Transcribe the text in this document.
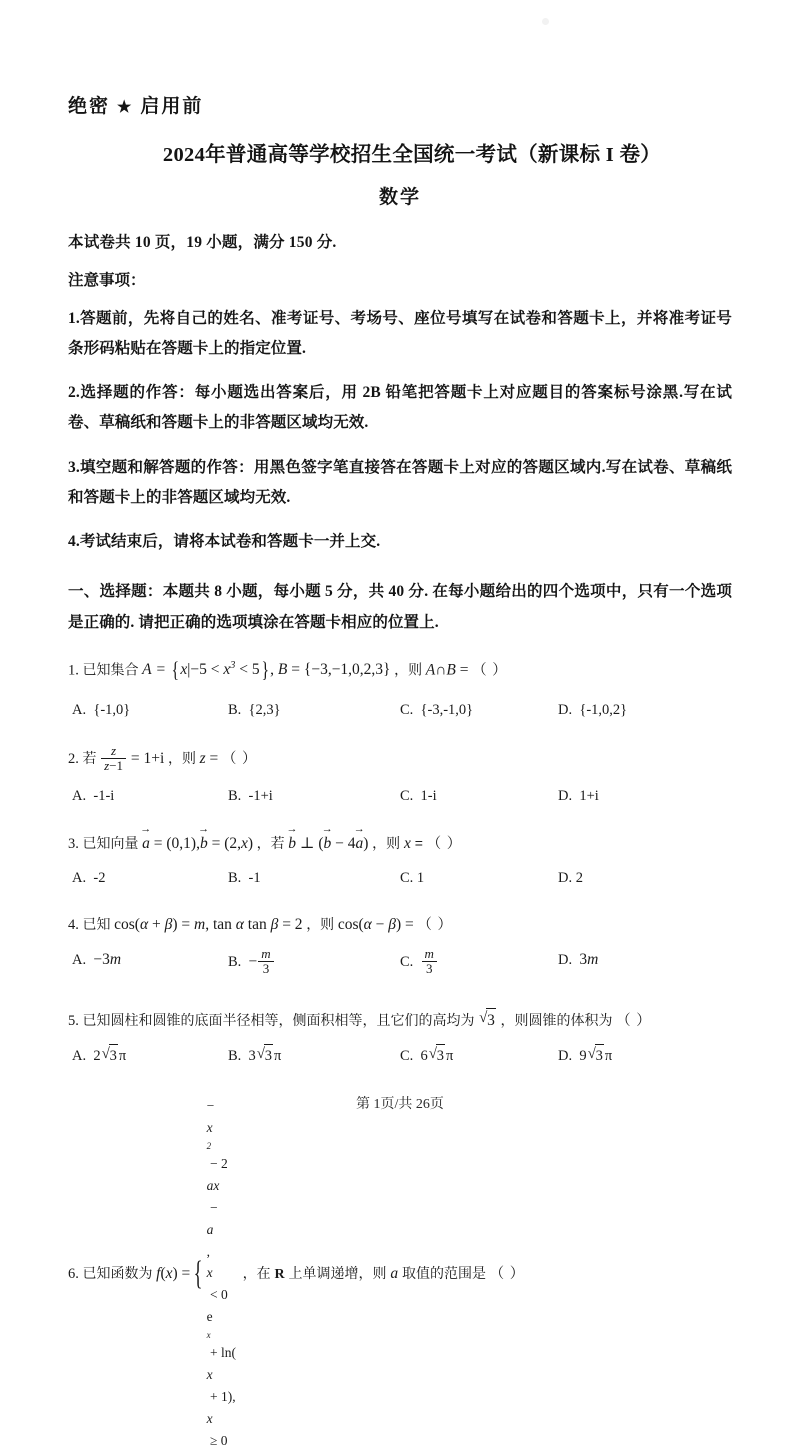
绝密 ★ 启用前
2024年普通高等学校招生全国统一考试（新课标 I 卷）
数学
本试卷共 10 页，19 小题，满分 150 分.
注意事项：
1.答题前，先将自己的姓名、准考证号、考场号、座位号填写在试卷和答题卡上，并将准考证号条形码粘贴在答题卡上的指定位置.
2.选择题的作答：每小题选出答案后，用 2B 铅笔把答题卡上对应题目的答案标号涂黑.写在试卷、草稿纸和答题卡上的非答题区域均无效.
3.填空题和解答题的作答：用黑色签字笔直接答在答题卡上对应的答题区域内.写在试卷、草稿纸和答题卡上的非答题区域均无效.
4.考试结束后，请将本试卷和答题卡一并上交.
一、选择题：本题共 8 小题，每小题 5 分，共 40 分. 在每小题给出的四个选项中，只有一个选项是正确的. 请把正确的选项填涂在答题卡相应的位置上.
1. 已知集合 $A = \{x|-5 < x^3 < 5\}$, B = {−3,−1,0,2,3} ，则 A∩B = （ ）
A. {-1,0}	B. {2,3}	C. {-3,-1,0}	D. {-1,0,2}
2. 若 $\frac{z}{z-1} = 1+i$ ，则 z = （ ）
A. -1-i	B. -1+i	C. 1-i	D. 1+i
3. 已知向量
→
a = (0,1),
→
b = (2,x) ，若
→
b ⊥ (
→
b − 4
→
a) ，则 x = （ ）
A. -2	B. -1	C. 1	D. 2
4. 已知 cos(α + β) = m, tan α tan β = 2 ，则 cos(α − β) = （ ）
A. −3m	B. − $\frac{m}{3}$	C. $\frac{m}{3}$	D. 3m
5. 已知圆柱和圆锥的底面半径相等，侧面积相等，且它们的高均为 √ 3 ，则圆锥的体积为 （ ）
A.  2 √ 3 π	B.  3 √ 3 π	C.  6 √ 3 π	D.  9 √ 3 π
6. 已知函数为 f(x) = {
−
x
2
− 2
ax
−
a
,
x
< 0
e
x
+ ln(
x
+ 1),
x
≥ 0
，在 R 上单调递增，则 a 取值的范围是 （ ）
第 1页/共 26页
